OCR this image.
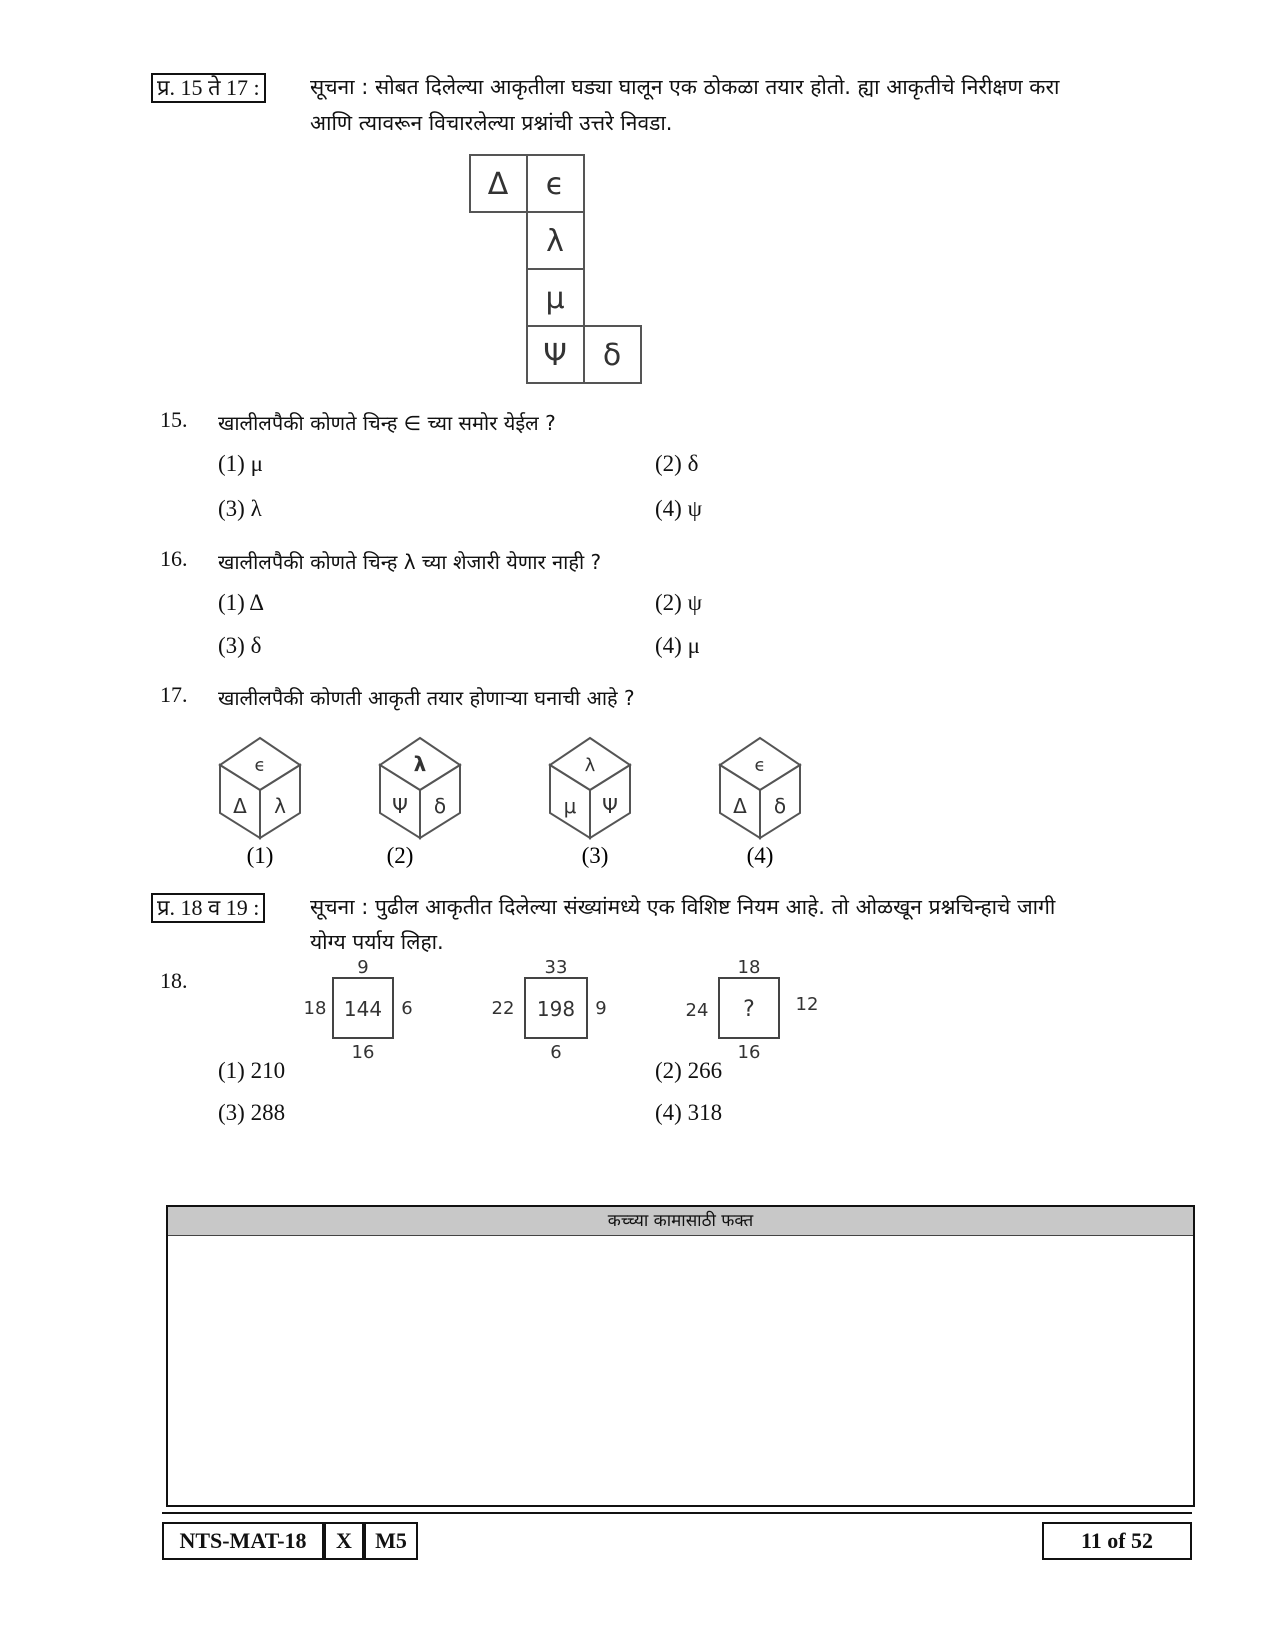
प्र. 15 ते 17 : सूचना : सोबत दिलेल्या आकृतीला घड्या घालून एक ठोकळा तयार होतो. ह्या आकृतीचे निरीक्षण करा
आणि त्यावरून विचारलेल्या प्रश्नांची उत्तरे निवडा.
Δ ϵ
λ
μ
Ψ δ
15. खालीलपैकी कोणते चिन्ह ∈ च्या समोर येईल ?
(1) μ	(2) δ
(3) λ	(4) ψ
16. खालीलपैकी कोणते चिन्ह λ च्या शेजारी येणार नाही ?
(1) Δ	(2) ψ
(3) δ	(4) μ
17. खालीलपैकी कोणती आकृती तयार होणाऱ्या घनाची आहे ?
ϵ
Δ λ
(1)
λ
Ψ δ
(2)
λ
μ Ψ
(3)
ϵ
Δ δ
(4)
प्र. 18 व 19 : सूचना : पुढील आकृतीत दिलेल्या संख्यांमध्ये एक विशिष्ट नियम आहे. तो ओळखून प्रश्नचिन्हाचे जागी
योग्य पर्याय लिहा.
18.
9
18 144 6
16
33
22 198 9
6
18
24 ? 12
16
(1) 210	(2) 266
(3) 288	(4) 318
कच्च्या कामासाठी फक्त
NTS-MAT-18	X	M5	11 of 52
